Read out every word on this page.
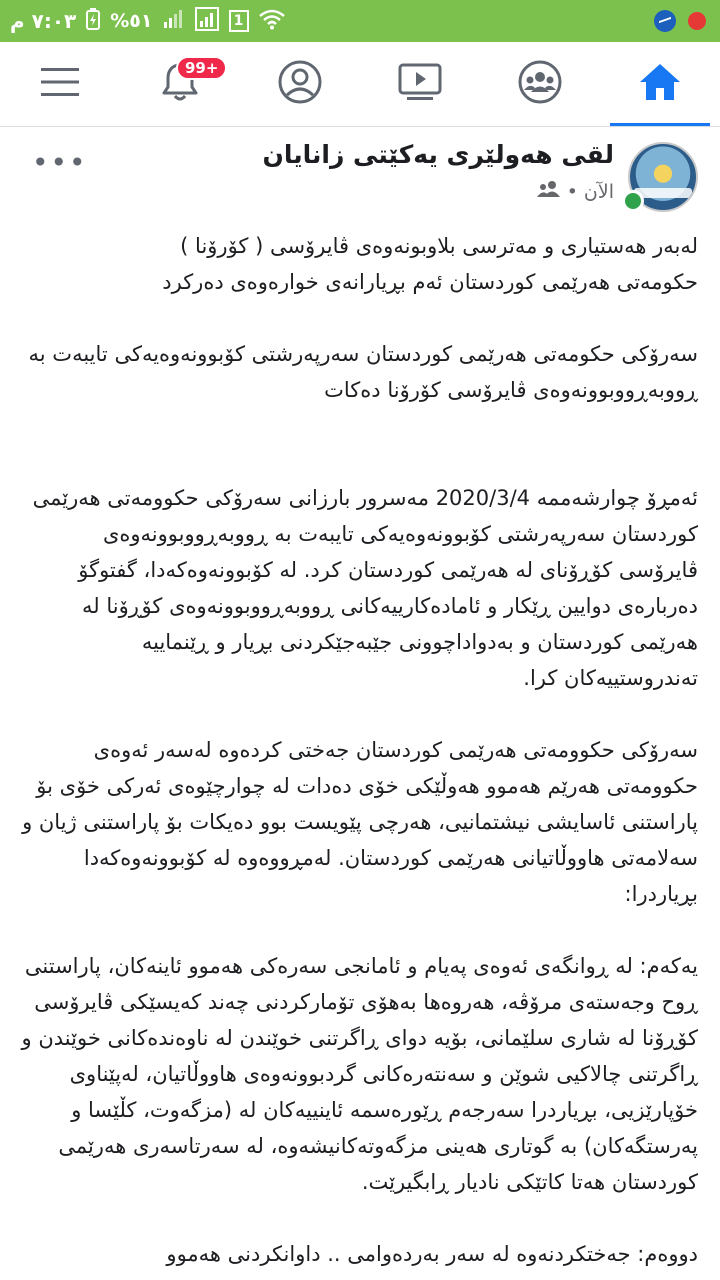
٧:٠٣ م %٥١	1
99+
لقی هەولێری یەکێتی زانایان
الآن
•
•••

لەبەر هەستیاری و مەترسی بلاوبونەوەی ڤایرۆسی ( کۆرۆنا )
حکومەتی هەرێمی کوردستان ئەم بڕیارانەی خوارەوەی دەرکرد

سەرۆکی حکومەتی هەرێمی کوردستان سەرپەرشتی کۆبوونەوەیەکی تایبەت بە ڕووبەڕووبوونەوەی ڤایرۆسی کۆرۆنا دەکات

ئەمڕۆ چوارشەممە 2020/3/4 مەسرور بارزانی سەرۆکی حکوومەتی هەرێمی کوردستان سەرپەرشتی کۆبوونەوەیەکی تایبەت بە ڕووبەڕووبوونەوەی ڤایرۆسی کۆڕۆنای لە هەرێمی کوردستان کرد. لە کۆبوونەوەکەدا، گفتوگۆ دەربارەی دوایین ڕێکار و ئامادەکارییەکانی ڕووبەڕووبوونەوەی کۆڕۆنا لە هەرێمی کوردستان و بەدواداچوونی جێبەجێکردنی بڕیار و ڕێنماییە تەندروستییەکان کرا.

سەرۆکی حکوومەتی هەرێمی کوردستان جەختی کردەوە لەسەر ئەوەی حکوومەتی هەرێم هەموو هەوڵێکی خۆی دەدات لە چوارچێوەی ئەرکی خۆی بۆ پاراستنی ئاسایشی نیشتمانیی، هەرچی پێویست بوو دەیکات بۆ پاراستنی ژیان و سەلامەتی هاووڵاتیانی هەرێمی کوردستان. لەمڕووەوە لە کۆبوونەوەکەدا بڕیاردرا:

یەکەم: لە ڕوانگەی ئەوەی پەیام و ئامانجی سەرەکی هەموو ئاینەکان، پاراستنی ڕوح وجەستەی مرۆڤە، هەروەها بەهۆی تۆمارکردنی چەند کەیسێکی ڤایرۆسی کۆڕۆنا لە شاری سلێمانی، بۆیە دوای ڕاگرتنی خوێندن لە ناوەندەکانی خوێندن و ڕاگرتنی چالاکیی شوێن و سەنتەرەکانی گردبوونەوەی هاووڵاتیان، لەپێناوی خۆپارێزیی، بڕیاردرا سەرجەم ڕێورەسمە ئاینییەکان لە (مزگەوت، کڵێسا و پەرستگەکان) بە گوتاری هەینی مزگەوتەکانیشەوە، لە سەرتاسەری هەرێمی کوردستان هەتا کاتێکی نادیار ڕابگیرێت.

دووەم: جەختکردنەوە لە سەر بەردەوامی .. داوانکردنی هەموو
